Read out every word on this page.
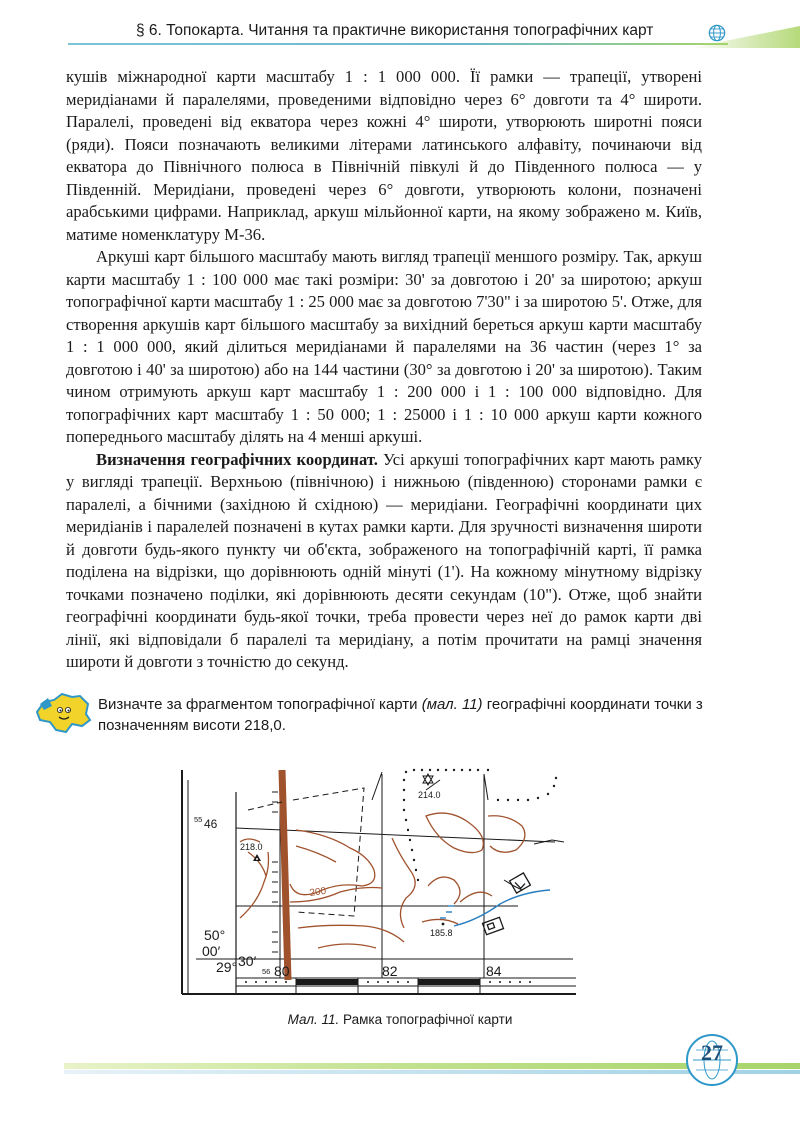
§ 6. Топокарта. Читання та практичне використання топографічних карт

кушів міжнародної карти масштабу 1 : 1 000 000. Її рамки — трапеції, утворені меридіанами й паралелями, проведеними відповідно через 6° довготи та 4° широти. Паралелі, проведені від екватора через кожні 4° широти, утворюють широтні пояси (ряди). Пояси позначають великими літерами латинського алфавіту, починаючи від екватора до Північного полюса в Північній півкулі й до Південного полюса — у Південній. Меридіани, проведені через 6° довготи, утворюють колони, позначені арабськими цифрами. Наприклад, аркуш мільйонної карти, на якому зображено м. Київ, матиме номенклатуру М-36.

Аркуші карт більшого масштабу мають вигляд трапеції меншого розміру. Так, аркуш карти масштабу 1 : 100 000 має такі розміри: 30' за довготою і 20' за широтою; аркуш топографічної карти масштабу 1 : 25 000 має за довготою 7'30" і за широтою 5'. Отже, для створення аркушів карт більшого масштабу за вихідний береться аркуш карти масштабу 1 : 1 000 000, який ділиться меридіанами й паралелями на 36 частин (через 1° за довготою і 40' за широтою) або на 144 частини (30° за довготою і 20' за широтою). Таким чином отримують аркуш карт масштабу 1 : 200 000 і 1 : 100 000 відповідно. Для топографічних карт масштабу 1 : 50 000; 1 : 25000 і 1 : 10 000 аркуш карти кожного попереднього масштабу ділять на 4 менші аркуші.

Визначення географічних координат. Усі аркуші топографічних карт мають рамку у вигляді трапеції. Верхньою (північною) і нижньою (південною) сторонами рамки є паралелі, а бічними (західною й східною) — меридіани. Географічні координати цих меридіанів і паралелей позначені в кутах рамки карти. Для зручності визначення широти й довготи будь-якого пункту чи об'єкта, зображеного на топографічній карті, її рамка поділена на відрізки, що дорівнюють одній мінуті (1'). На кожному мінутному відрізку точками позначено поділки, які дорівнюють десяти секундам (10"). Отже, щоб знайти географічні координати будь-якої точки, треба провести через неї до рамок карти дві лінії, які відповідали б паралелі та меридіану, а потім прочитати на рамці значення широти й довготи з точністю до секунд.

Визначте за фрагментом топографічної карти (мал. 11) географічні координати точки з позначенням висоти 218,0.
55 46
218.0
214.0
185.8
200
50°
00′
29° 30′
56 80	82	84
Мал. 11. Рамка топографічної карти
27
